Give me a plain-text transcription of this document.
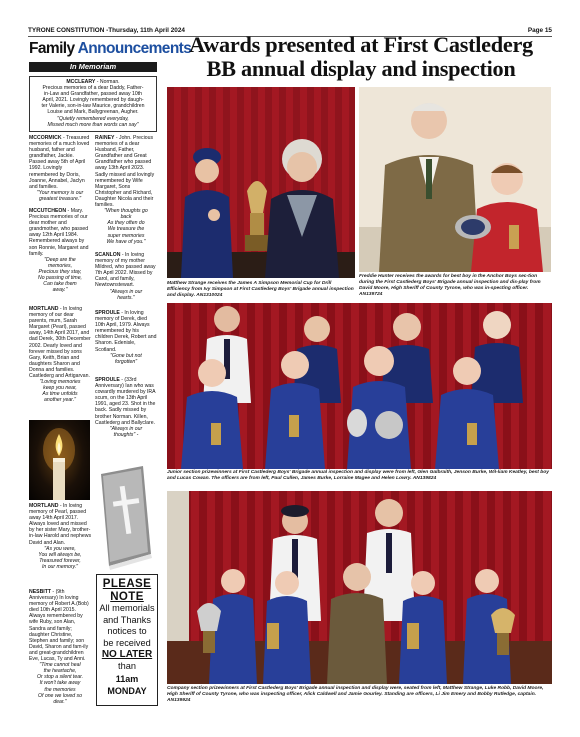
TYRONE CONSTITUTION -Thursday, 11th April 2024	Page 15
Family Announcements
In Memoriam
MCCLEARY - Norman.
Precious memories of a dear Daddy, Father-
in-Law and Grandfather, passed away 10th
April, 2021. Lovingly remembered by daugh-
ter Valerie, son-in-law Maurice, grandchildren
Louise and Mark, Ballygreenan, Augher.
"Quietly remembered everyday,
Missed much more than words can say"
MCCORMICK - Treasured memories of a much loved husband, father and grandfather, Jackie. Passed away 5th of April 1992. Lovingly remembered by Doris, Joanne, Annabel, Jaclyn and families.
"Your memory is our
greatest treasure."
MCCUTCHEON - Mary. Precious memories of our dear mother and grandmother, who passed away 12th April 1984. Remembered always by son Ronnie, Margaret and family.
"Deep are the
memories,
Precious they stay,
No passing of time,
Can take them
away."
MORTLAND - In loving memory of our dear parents, mum, Sarah Margaret (Pearl), passed away, 14th April 2017, and dad Derek, 30th December 2002. Dearly loved and forever missed by sons Gary, Keith, Brian and daughters Sharon and Donna and families. Castlederg and Artigarvan.
"Loving memories
keep you near,
As time unfolds
another year."
MORTLAND - In loving memory of Pearl, passed away 14th April 2017. Always loved and missed by her sister Mary, brother-in-law Harold and nephews David and Alan.
"As you were,
You will always be,
Treasured forever,
In our memory."
NESBITT - (9th Anniversary) In loving memory of Robert A.(Bob) died 10th April 2015. Always remembered by wife Ruby, son Alan, Sandra and family; daughter Christine, Stephen and family; son David, Sharon and fam-ily and great-grandchildren Eve, Lucas, Ty and Anni.
"Time cannot heal
the heartache,
Or stop a silent tear.
It won't take away
the memories
Of one we loved so
dear."
RAINEY - John. Precious memories of a dear Husband, Father, Grandfather and Great Grandfather who passed away 13th April 2023. Sadly missed and lovingly remembered by Wife Margaret, Sons Christopher and Richard, Daughter Nicola and their families.
"When thoughts go
back
As they often do
We treasure the
super memories
We have of you."
SCANLON - In loving memory of my mother Mildred, who passed away 7th April 2022. Missed by Carol, and family, Newtownstewart.
"Always in our
hearts."
SPROULE - In loving memory of Derek, died 10th April, 1979. Always remembered by his children Derek, Robert and Sharon. Edenisle, Scotland.
"Gone but not
forgotten"
SPROULE - (33rd Anniversary) Ian who was cowardly murdered by IRA scum, on the 13th April 1991, aged 23. Shot in the back. Sadly missed by brother Norman. Killen, Castlederg and Ballyclare.
"Always in our
thoughts" -
PLEASE
NOTE
All memorials
and Thanks
notices to
be received
NO LATER
than
11am MONDAY
Awards presented at First Castlederg
BB annual display and inspection
Matthew Strange receives the James A Simpson Memorial Cup for Drill Efficiency from Ivy Simpson at First Castlederg Boys' Brigade annual inspection and display. AN1310024
Freddie Hunter receives the awards for best boy in the Anchor Boys sec-tion during the First Castlederg Boys' Brigade annual inspection and dis-play from David Moore, High Sheriff of County Tyrone, who was in-specting officer. AN139724
Junior section prizewinners at First Castlederg Boys' Brigade annual inspection and display were from left, Glen Galbraith, Jenson Burke, Wil-liam Keatley, best boy and Lucas Cowan. The officers are from left, Paul Cullen, James Burke, Lorraine Magee and Helen Lowry. AN139824
Company section prizewinners at First Castlederg Boys' Brigade annual inspection and display were, seated from left, Matthew Strange, Luke Robb, David Moore, High Sheriff of County Tyrone, who was inspecting officer, Alick Caldwell and Jamie Gourley. Standing are officers, Li Jim Emery and Bobby Rutledge, captain. AN139924
